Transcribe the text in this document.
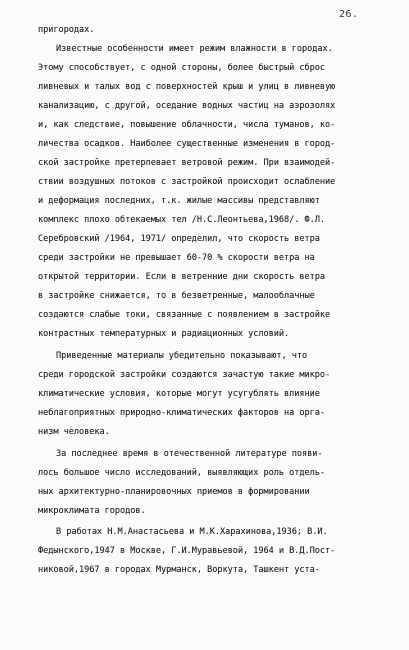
26.
пригородах.
Известные особенности имеет режим влажности в городах.
Этому способствует, с одной стороны, более быстрый сброс
ливневых и талых вод с поверхностей крыш и улиц в ливневую
канализацию, с другой, оседание водных частиц на аэрозолях
и, как следствие, повышение облачности, числа туманов, ко-
личества осадков. Наиболее существенные изменения в город-
ской застройке претерпевает ветровой режим. При взаимодей-
ствии воздушных потоков с застройкой происходит ослабление
и деформация последних, т.к. жилые массивы представляют
комплекс плохо обтекаемых тел /Н.С.Леонтьева,1968/. Ф.Л.
Серебровский /1964, 1971/ определил, что скорость ветра
среди застройки не превышает 60-70 % скорости ветра на
открытой территории. Если в ветренние дни скорость ветра
в застройке снижается, то в безветренные, малооблачные
создаются слабые токи, связанные с появлением в застройке
контрастных температурных и радиационных условий.
Приведенные материалы убедительно показывают, что
среди городской застройки создаются зачастую такие микро-
климатические условия, которые могут усугублять влияние
неблагоприятных природно-климатических факторов на орга-
низм человека.
За последнее время в отечественной литературе появи-
лось большое число исследований, выявляющих роль отдель-
ных архитектурно-планировочных приемов в формировании
микроклимата городов.
В работах Н.М.Анастасьева и М.К.Харахинова,1936; В.И.
Федынского,1947 в Москве, Г.И.Муравьевой, 1964 и В.Д.Пост-
никовой,1967 в городах Мурманск, Воркута, Ташкент уста-
